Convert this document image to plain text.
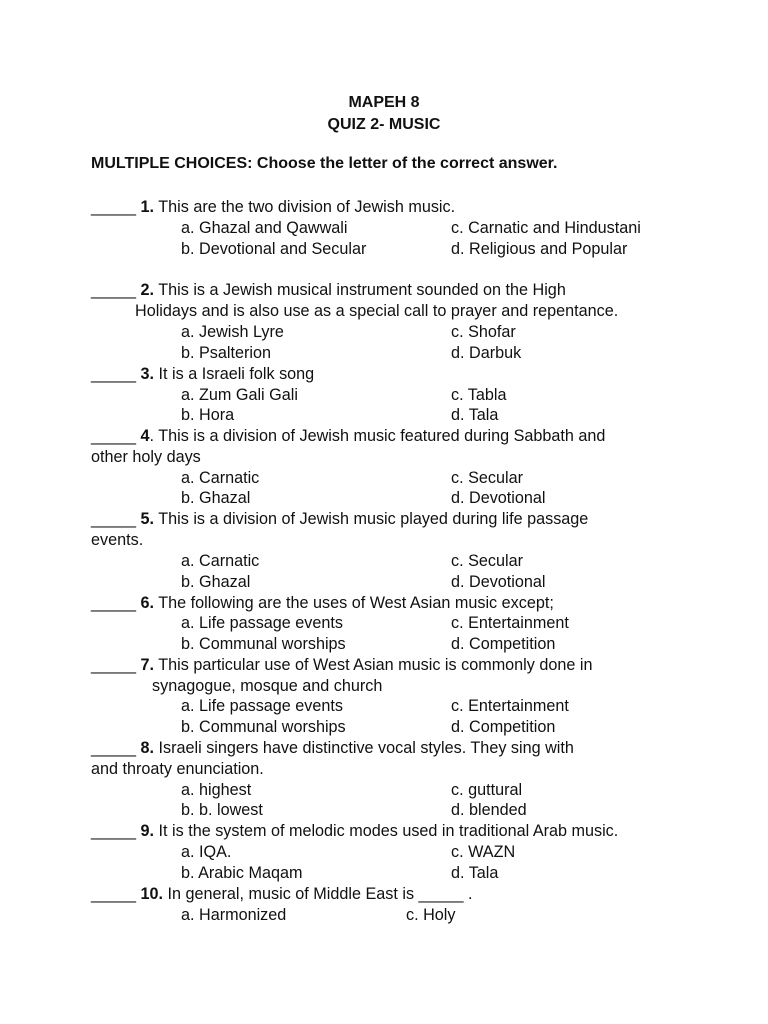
MAPEH 8
QUIZ 2- MUSIC
MULTIPLE CHOICES: Choose the letter of the correct answer.
_____ 1. This are the two division of Jewish music.
a. Ghazal and Qawwali	c. Carnatic and Hindustani
b. Devotional and Secular	d. Religious and Popular
_____ 2. This is a Jewish musical instrument sounded on the High
Holidays and is also use as a special call to prayer and repentance.
a. Jewish Lyre	c. Shofar
b. Psalterion	d. Darbuk
_____ 3. It is a Israeli folk song
a. Zum Gali Gali	c. Tabla
b. Hora	d. Tala
_____ 4. This is a division of Jewish music featured during Sabbath and
other holy days
a. Carnatic	c. Secular
b. Ghazal	d. Devotional
_____ 5. This is a division of Jewish music played during life passage
events.
a. Carnatic	c. Secular
b. Ghazal	d. Devotional
_____ 6. The following are the uses of West Asian music except;
a. Life passage events	c. Entertainment
b. Communal worships	d. Competition
_____ 7. This particular use of West Asian music is commonly done in
synagogue, mosque and church
a. Life passage events	c. Entertainment
b. Communal worships	d. Competition
_____ 8. Israeli singers have distinctive vocal styles. They sing with
and throaty enunciation.
a. highest	c. guttural
b. b. lowest	d. blended
_____ 9. It is the system of melodic modes used in traditional Arab music.
a. IQA.	c. WAZN
b. Arabic Maqam	d. Tala
_____ 10. In general, music of Middle East is _____ .
a. Harmonized	c. Holy
